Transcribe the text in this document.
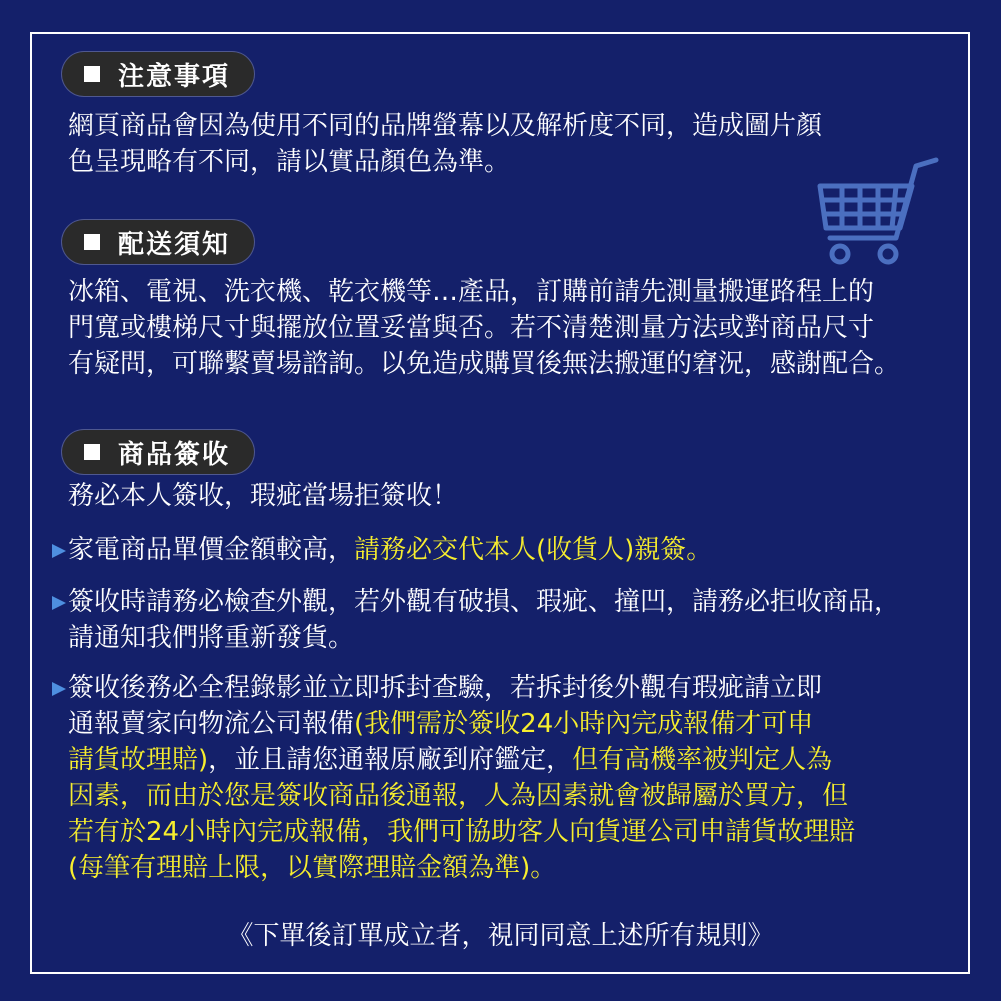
注意事項

網頁商品會因為使用不同的品牌螢幕以及解析度不同，造成圖片顏
色呈現略有不同，請以實品顏色為準。

配送須知

冰箱、電視、洗衣機、乾衣機等…產品，訂購前請先測量搬運路程上的
門寬或樓梯尺寸與擺放位置妥當與否。若不清楚測量方法或對商品尺寸
有疑問，可聯繫賣場諮詢。以免造成購買後無法搬運的窘況，感謝配合。

商品簽收

務必本人簽收，瑕疵當場拒簽收！

家電商品單價金額較高，請務必交代本人(收貨人)親簽。

簽收時請務必檢查外觀，若外觀有破損、瑕疵、撞凹，請務必拒收商品，
請通知我們將重新發貨。

簽收後務必全程錄影並立即拆封查驗，若拆封後外觀有瑕疵請立即
通報賣家向物流公司報備(我們需於簽收24小時內完成報備才可申
請貨故理賠)，並且請您通報原廠到府鑑定，但有高機率被判定人為
因素，而由於您是簽收商品後通報，人為因素就會被歸屬於買方，但
若有於24小時內完成報備，我們可協助客人向貨運公司申請貨故理賠
(每筆有理賠上限，以實際理賠金額為準)。

《下單後訂單成立者，視同同意上述所有規則》
